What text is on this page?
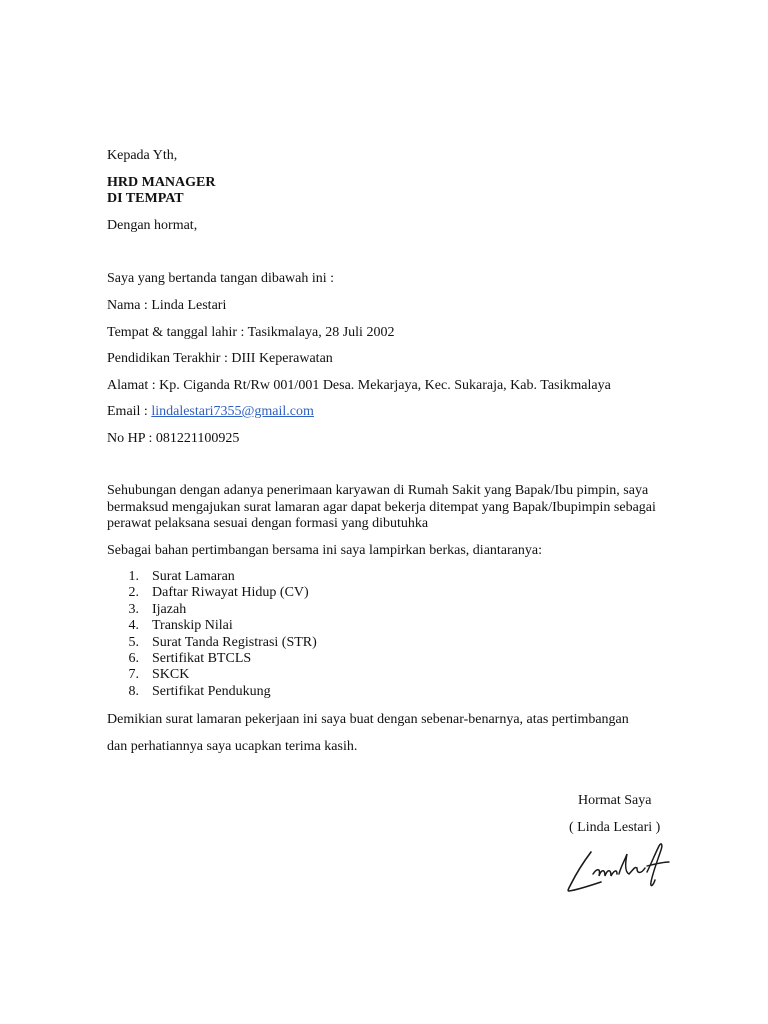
Kepada Yth,
HRD MANAGER
DI TEMPAT
Dengan hormat,
Saya yang bertanda tangan dibawah ini :
Nama : Linda Lestari
Tempat & tanggal lahir : Tasikmalaya, 28 Juli 2002
Pendidikan Terakhir : DIII Keperawatan
Alamat : Kp. Ciganda Rt/Rw 001/001 Desa. Mekarjaya, Kec. Sukaraja, Kab. Tasikmalaya
Email : lindalestari7355@gmail.com
No HP : 081221100925
Sehubungan dengan adanya penerimaan karyawan di Rumah Sakit yang Bapak/Ibu pimpin, saya
bermaksud mengajukan surat lamaran agar dapat bekerja ditempat yang Bapak/Ibupimpin sebagai
perawat pelaksana sesuai dengan formasi yang dibutuhka
Sebagai bahan pertimbangan bersama ini saya lampirkan berkas, diantaranya:
1. Surat Lamaran
2. Daftar Riwayat Hidup (CV)
3. Ijazah
4. Transkip Nilai
5. Surat Tanda Registrasi (STR)
6. Sertifikat BTCLS
7. SKCK
8. Sertifikat Pendukung
Demikian surat lamaran pekerjaan ini saya buat dengan sebenar-benarnya, atas pertimbangan
dan perhatiannya saya ucapkan terima kasih.
Hormat Saya
( Linda Lestari )
